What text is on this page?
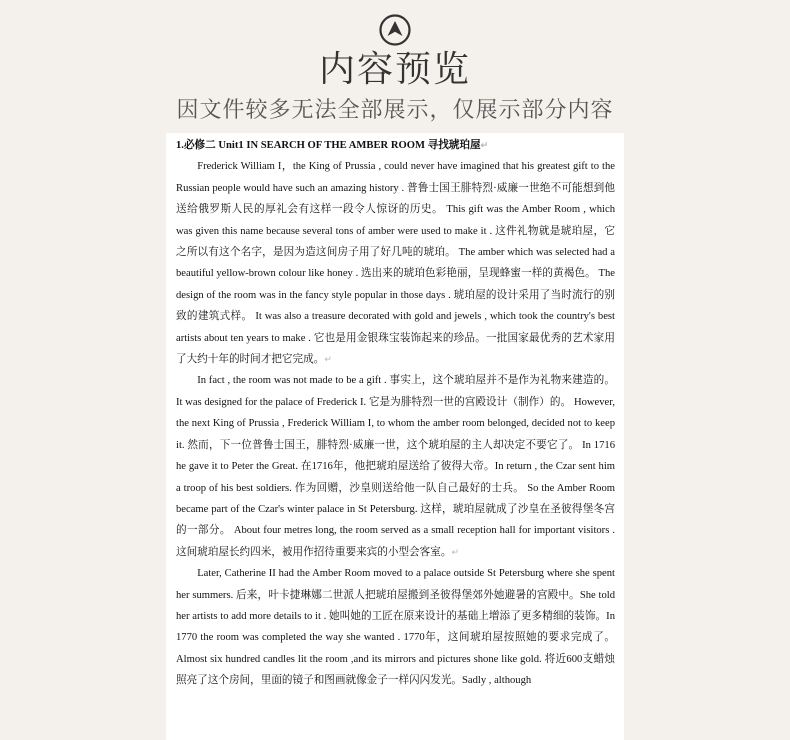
内容预览
因文件较多无法全部展示，仅展示部分内容

1.必修二 Unit1 IN SEARCH OF THE AMBER ROOM 寻找琥珀屋↵

Frederick William I，the King of Prussia , could never have imagined that his greatest gift to the Russian people would have such an amazing history . 普鲁士国王腓特烈·威廉一世绝不可能想到他送给俄罗斯人民的厚礼会有这样一段令人惊讶的历史。 This gift was the Amber Room , which was given this name because several tons of amber were used to make it . 这件礼物就是琥珀屋，它之所以有这个名字，是因为造这间房子用了好几吨的琥珀。 The amber which was selected had a beautiful yellow-brown colour like honey . 选出来的琥珀色彩艳丽，呈现蜂蜜一样的黄褐色。 The design of the room was in the fancy style popular in those days . 琥珀屋的设计采用了当时流行的别致的建筑式样。 It was also a treasure decorated with gold and jewels , which took the country's best artists about ten years to make . 它也是用金银珠宝装饰起来的珍品。一批国家最优秀的艺术家用了大约十年的时间才把它完成。↵

In fact , the room was not made to be a gift . 事实上，这个琥珀屋并不是作为礼物来建造的。 It was designed for the palace of Frederick I. 它是为腓特烈一世的宫殿设计（制作）的。 However, the next King of Prussia , Frederick William I, to whom the amber room belonged, decided not to keep it. 然而，下一位普鲁士国王，腓特烈·威廉一世，这个琥珀屋的主人却决定不要它了。 In 1716 he gave it to Peter the Great. 在1716年，他把琥珀屋送给了彼得大帝。In return , the Czar sent him a troop of his best soldiers. 作为回赠，沙皇则送给他一队自己最好的士兵。 So the Amber Room became part of the Czar's winter palace in St Petersburg. 这样，琥珀屋就成了沙皇在圣彼得堡冬宫的一部分。 About four metres long, the room served as a small reception hall for important visitors . 这间琥珀屋长约四米，被用作招待重要来宾的小型会客室。↵

Later, Catherine II had the Amber Room moved to a palace outside St Petersburg where she spent her summers. 后来，叶卡捷琳娜二世派人把琥珀屋搬到圣彼得堡郊外她避暑的宫殿中。She told her artists to add more details to it . 她叫她的工匠在原来设计的基础上增添了更多精细的装饰。In 1770 the room was completed the way she wanted . 1770年，这间琥珀屋按照她的要求完成了。Almost six hundred candles lit the room ,and its mirrors and pictures shone like gold. 将近600支蜡烛照亮了这个房间，里面的镜子和图画就像金子一样闪闪发光。Sadly , although
